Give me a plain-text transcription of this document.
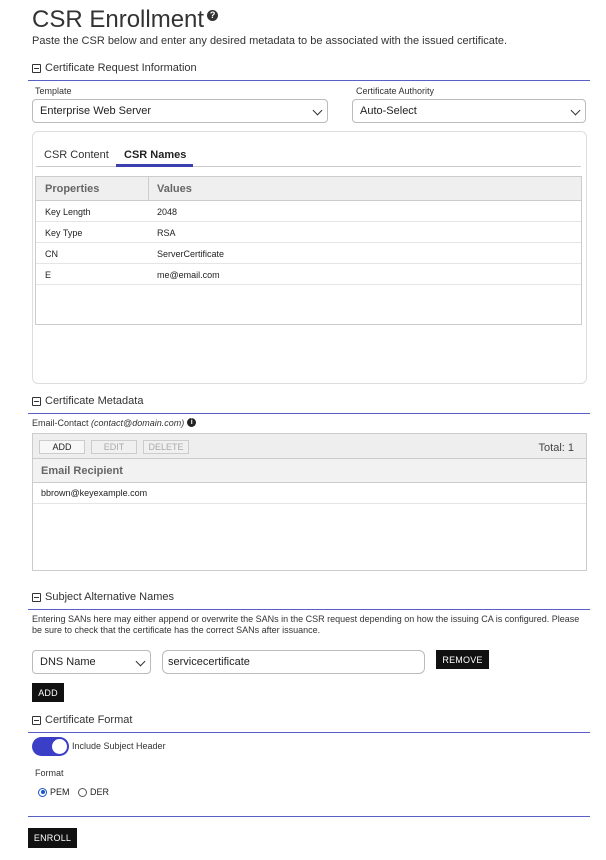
CSR Enrollment ?
Paste the CSR below and enter any desired metadata to be associated with the issued certificate.
Certificate Request Information
Template
Enterprise Web Server
Certificate Authority
Auto-Select
CSR Content CSR Names
Properties	Values
Key Length	2048
Key Type	RSA
CN	ServerCertificate
E	me@email.com
Certificate Metadata
Email-Contact (contact@domain.com) i
ADD	EDIT	DELETE	Total: 1
Email Recipient
bbrown@keyexample.com
Subject Alternative Names
Entering SANs here may either append or overwrite the SANs in the CSR request depending on how the issuing CA is configured. Please be sure to check that the certificate has the correct SANs after issuance.
DNS Name	servicecertificate	REMOVE
ADD
Certificate Format
Include Subject Header
Format
PEM DER
ENROLL
